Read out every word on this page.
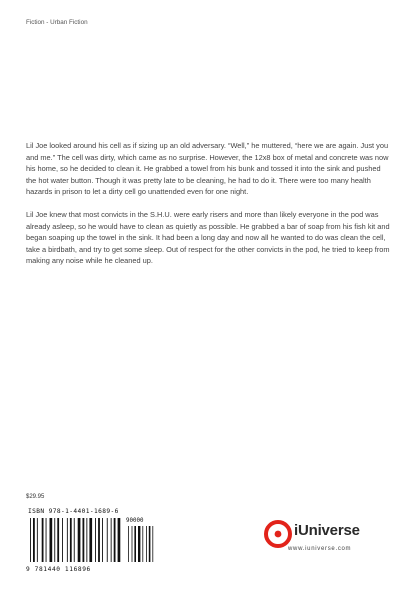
Fiction - Urban Fiction

Lil Joe looked around his cell as if sizing up an old adversary. “Well,” he muttered, “here we are again. Just you and me.” The cell was dirty, which came as no surprise. However, the 12x8 box of metal and concrete was now his home, so he decided to clean it. He grabbed a towel from his bunk and tossed it into the sink and pushed the hot water button. Though it was pretty late to be cleaning, he had to do it. There were too many health hazards in prison to let a dirty cell go unattended even for one night.

Lil Joe knew that most convicts in the S.H.U. were early risers and more than likely everyone in the pod was already asleep, so he would have to clean as quietly as possible. He grabbed a bar of soap from his fish kit and began soaping up the towel in the sink. It had been a long day and now all he wanted to do was clean the cell, take a birdbath, and try to get some sleep. Out of respect for the other convicts in the pod, he tried to keep from making any noise while he cleaned up.

$29.95
ISBN 978-1-4401-1689-6
90000
9 781440 116896
iUniverse
www.iuniverse.com
